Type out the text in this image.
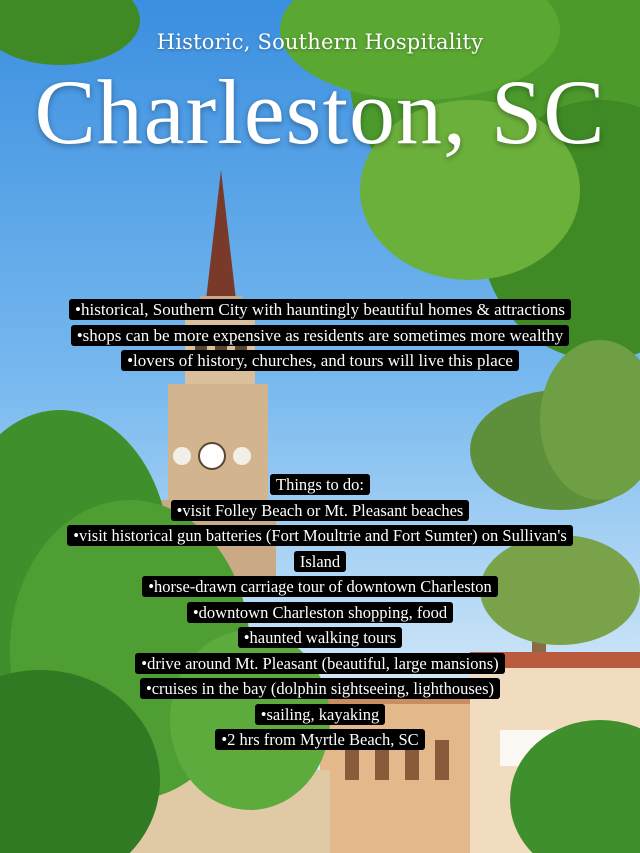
Historic, Southern Hospitality
Charleston, SC
•historical, Southern City with hauntingly beautiful homes & attractions
•shops can be more expensive as residents are sometimes more wealthy
•lovers of history, churches, and tours will live this place
Things to do:
•visit Folley Beach or Mt. Pleasant beaches
•visit historical gun batteries (Fort Moultrie and Fort Sumter) on Sullivan's
Island
•horse-drawn carriage tour of downtown Charleston
•downtown Charleston shopping, food
•haunted walking tours
•drive around Mt. Pleasant (beautiful, large mansions)
•cruises in the bay (dolphin sightseeing, lighthouses)
•sailing, kayaking
•2 hrs from Myrtle Beach, SC
